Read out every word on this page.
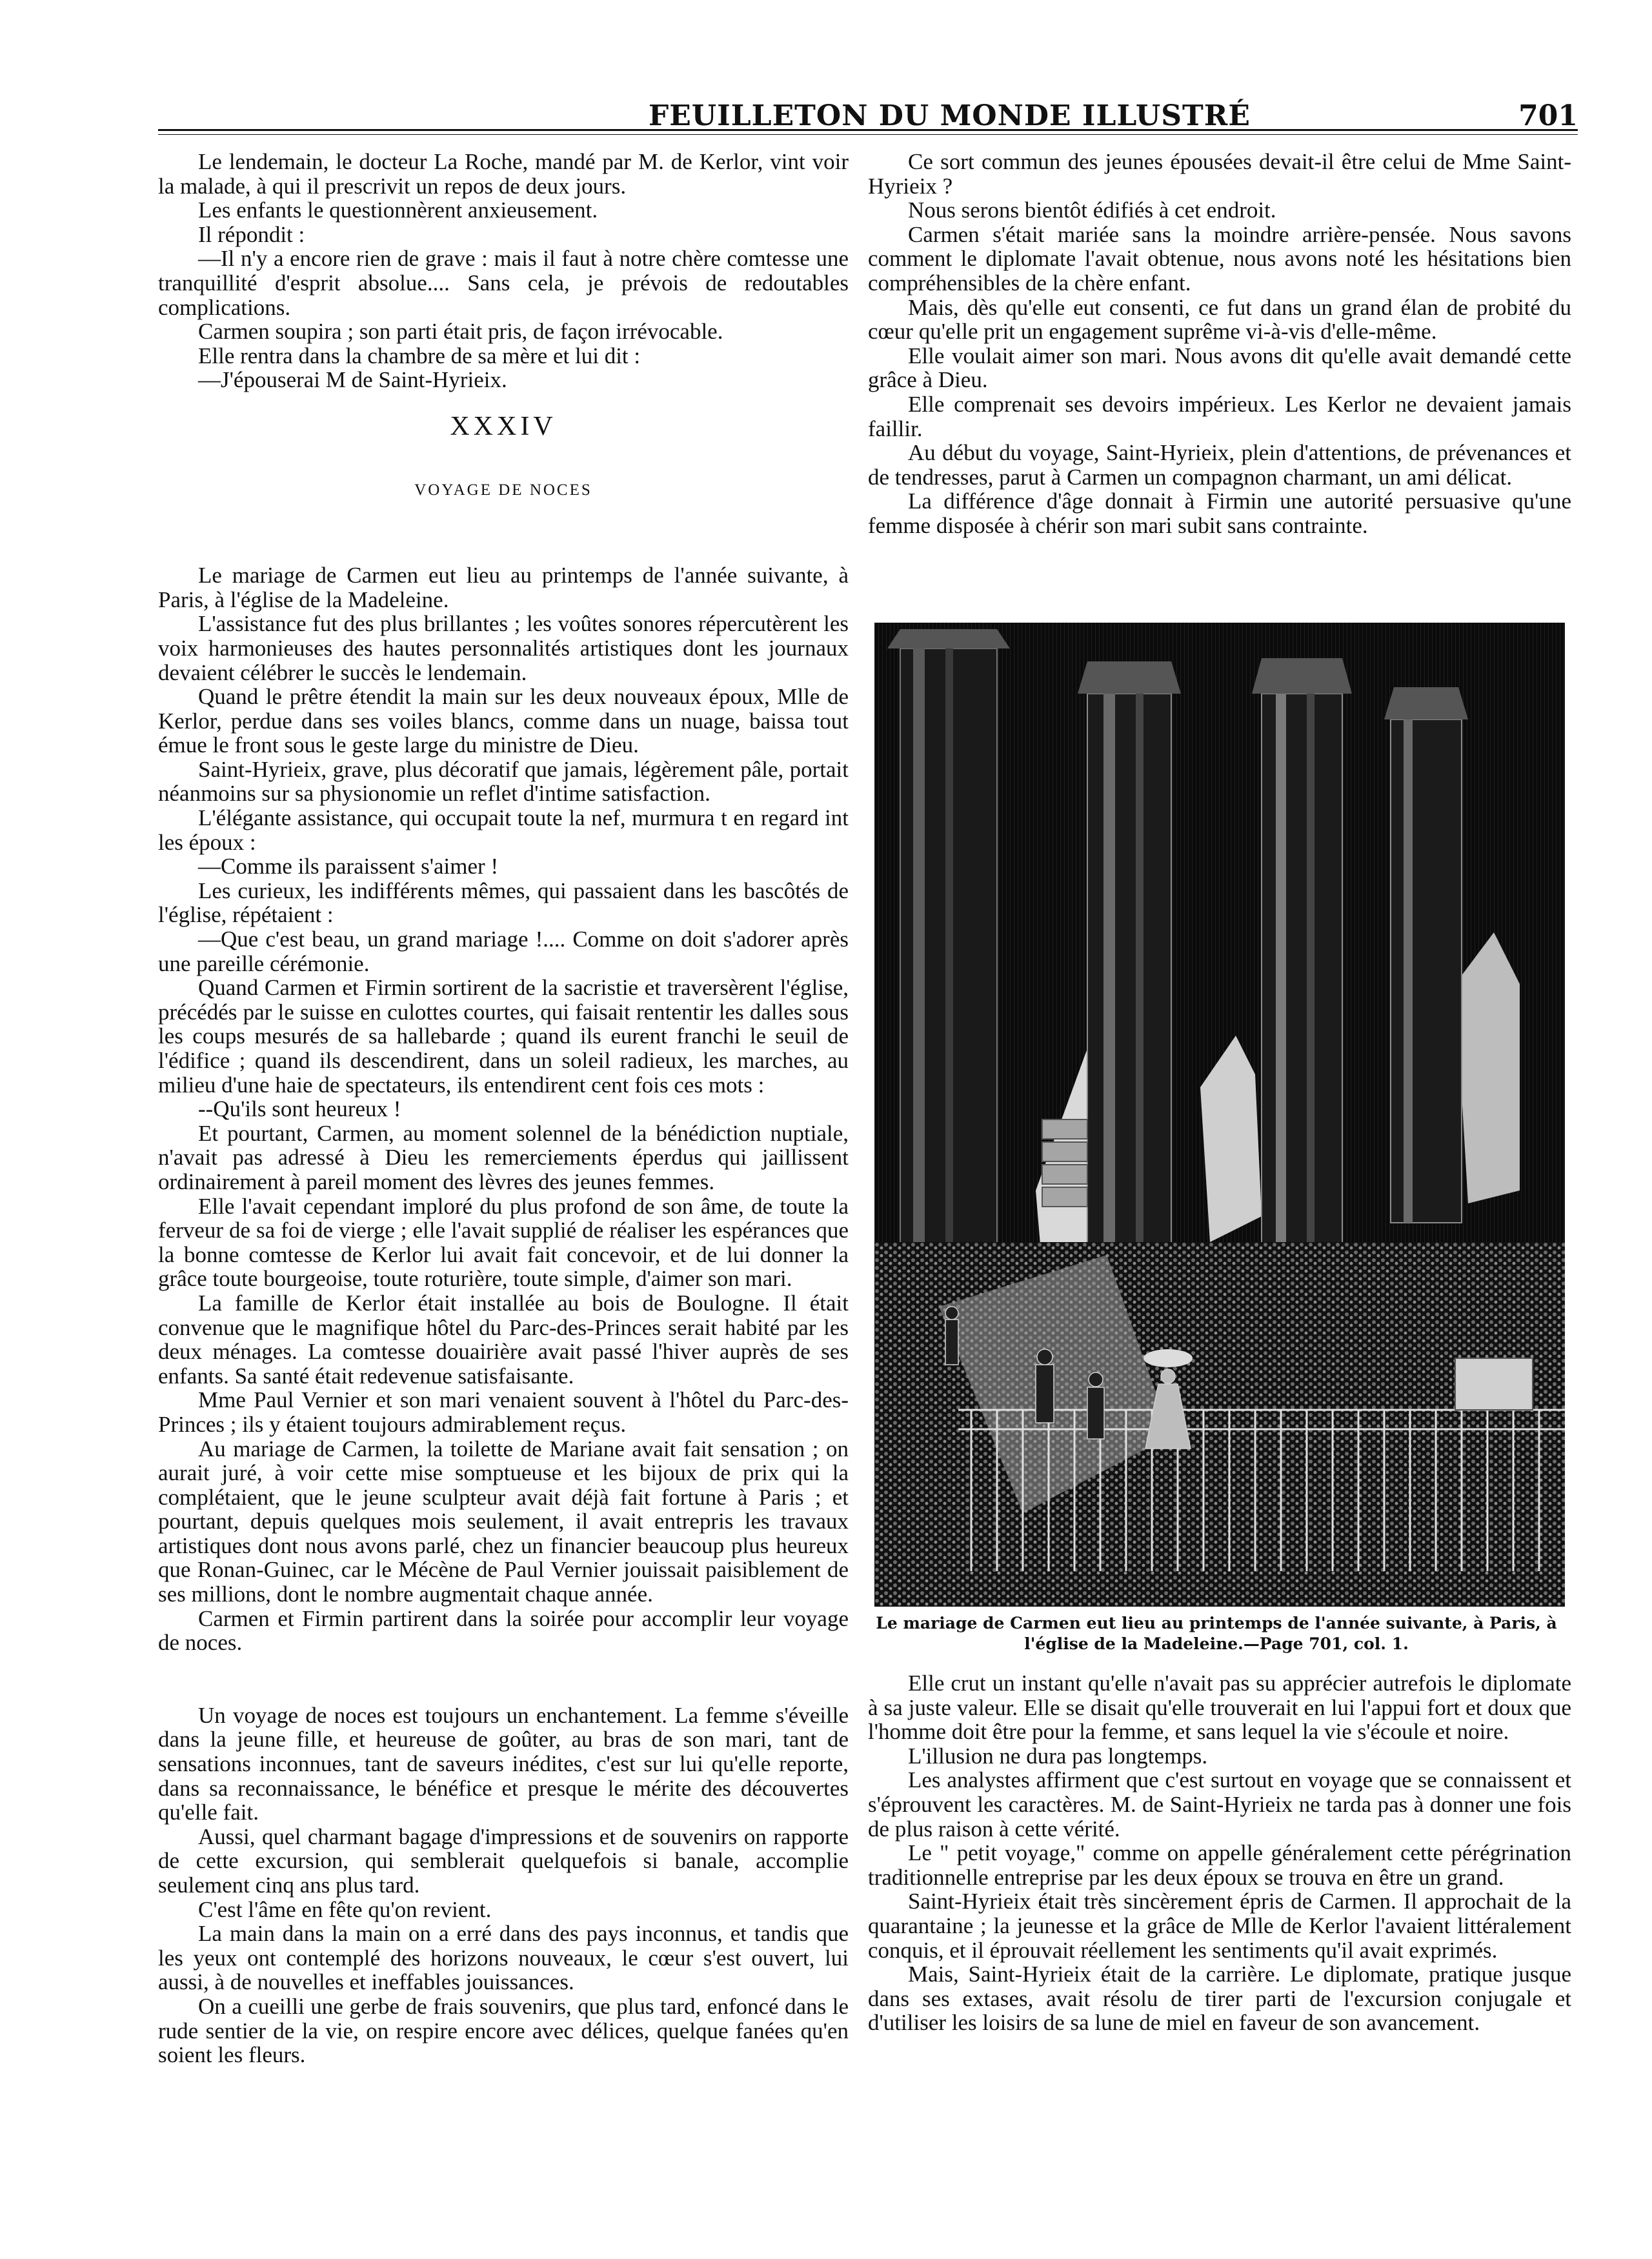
FEUILLETON DU MONDE ILLUSTRÉ	701

Le lendemain, le docteur La Roche, mandé par M. de Kerlor, vint voir la malade, à qui il prescrivit un repos de deux jours.

Les enfants le questionnèrent anxieusement.

Il répondit :

—Il n'y a encore rien de grave : mais il faut à notre chère comtesse une tranquillité d'esprit absolue.... Sans cela, je prévois de redoutables complications.

Carmen soupira ; son parti était pris, de façon irrévocable.

Elle rentra dans la chambre de sa mère et lui dit :

—J'épouserai M de Saint-Hyrieix.

XXXIV
VOYAGE DE NOCES

Le mariage de Carmen eut lieu au printemps de l'année suivante, à Paris, à l'église de la Madeleine.

L'assistance fut des plus brillantes ; les voûtes sonores répercutèrent les voix harmonieuses des hautes personnalités artistiques dont les journaux devaient célébrer le succès le lendemain.

Quand le prêtre étendit la main sur les deux nouveaux époux, Mlle de Kerlor, perdue dans ses voiles blancs, comme dans un nuage, baissa tout émue le front sous le geste large du ministre de Dieu.

Saint-Hyrieix, grave, plus décoratif que jamais, légèrement pâle, portait néanmoins sur sa physionomie un reflet d'intime satisfaction.

L'élégante assistance, qui occupait toute la nef, murmura t en regard int les époux :

—Comme ils paraissent s'aimer !

Les curieux, les indifférents mêmes, qui passaient dans les bascôtés de l'église, répétaient :

—Que c'est beau, un grand mariage !.... Comme on doit s'adorer après une pareille cérémonie.

Quand Carmen et Firmin sortirent de la sacristie et traversèrent l'église, précédés par le suisse en culottes courtes, qui faisait rententir les dalles sous les coups mesurés de sa hallebarde ; quand ils eurent franchi le seuil de l'édifice ; quand ils descendirent, dans un soleil radieux, les marches, au milieu d'une haie de spectateurs, ils entendirent cent fois ces mots :

--Qu'ils sont heureux !

Et pourtant, Carmen, au moment solennel de la bénédiction nuptiale, n'avait pas adressé à Dieu les remerciements éperdus qui jaillissent ordinairement à pareil moment des lèvres des jeunes femmes.

Elle l'avait cependant imploré du plus profond de son âme, de toute la ferveur de sa foi de vierge ; elle l'avait supplié de réaliser les espérances que la bonne comtesse de Kerlor lui avait fait concevoir, et de lui donner la grâce toute bourgeoise, toute roturière, toute simple, d'aimer son mari.

La famille de Kerlor était installée au bois de Boulogne. Il était convenue que le magnifique hôtel du Parc-des-Princes serait habité par les deux ménages. La comtesse douairière avait passé l'hiver auprès de ses enfants. Sa santé était redevenue satisfaisante.

Mme Paul Vernier et son mari venaient souvent à l'hôtel du Parc-des-Princes ; ils y étaient toujours admirablement reçus.

Au mariage de Carmen, la toilette de Mariane avait fait sensation ; on aurait juré, à voir cette mise somptueuse et les bijoux de prix qui la complétaient, que le jeune sculpteur avait déjà fait fortune à Paris ; et pourtant, depuis quelques mois seulement, il avait entrepris les travaux artistiques dont nous avons parlé, chez un financier beaucoup plus heureux que Ronan-Guinec, car le Mécène de Paul Vernier jouissait paisiblement de ses millions, dont le nombre augmentait chaque année.

Carmen et Firmin partirent dans la soirée pour accomplir leur voyage de noces.

Un voyage de noces est toujours un enchantement. La femme s'éveille dans la jeune fille, et heureuse de goûter, au bras de son mari, tant de sensations inconnues, tant de saveurs inédites, c'est sur lui qu'elle reporte, dans sa reconnaissance, le bénéfice et presque le mérite des découvertes qu'elle fait.

Aussi, quel charmant bagage d'impressions et de souvenirs on rapporte de cette excursion, qui semblerait quelquefois si banale, accomplie seulement cinq ans plus tard.

C'est l'âme en fête qu'on revient.

La main dans la main on a erré dans des pays inconnus, et tandis que les yeux ont contemplé des horizons nouveaux, le cœur s'est ouvert, lui aussi, à de nouvelles et ineffables jouissances.

On a cueilli une gerbe de frais souvenirs, que plus tard, enfoncé dans le rude sentier de la vie, on respire encore avec délices, quelque fanées qu'en soient les fleurs.

Ce sort commun des jeunes épousées devait-il être celui de Mme Saint-Hyrieix ?

Nous serons bientôt édifiés à cet endroit.

Carmen s'était mariée sans la moindre arrière-pensée. Nous savons comment le diplomate l'avait obtenue, nous avons noté les hésitations bien compréhensibles de la chère enfant.

Mais, dès qu'elle eut consenti, ce fut dans un grand élan de probité du cœur qu'elle prit un engagement suprême vi-à-vis d'elle-même.

Elle voulait aimer son mari. Nous avons dit qu'elle avait demandé cette grâce à Dieu.

Elle comprenait ses devoirs impérieux. Les Kerlor ne devaient jamais faillir.

Au début du voyage, Saint-Hyrieix, plein d'attentions, de prévenances et de tendresses, parut à Carmen un compagnon charmant, un ami délicat.

La différence d'âge donnait à Firmin une autorité persuasive qu'une femme disposée à chérir son mari subit sans contrainte.

Le mariage de Carmen eut lieu au printemps de l'année suivante, à Paris, à l'église de la Madeleine.—Page 701, col. 1.

Elle crut un instant qu'elle n'avait pas su apprécier autrefois le diplomate à sa juste valeur. Elle se disait qu'elle trouverait en lui l'appui fort et doux que l'homme doit être pour la femme, et sans lequel la vie s'écoule et noire.

L'illusion ne dura pas longtemps.

Les analystes affirment que c'est surtout en voyage que se connaissent et s'éprouvent les caractères. M. de Saint-Hyrieix ne tarda pas à donner une fois de plus raison à cette vérité.

Le " petit voyage," comme on appelle généralement cette pérégrination traditionnelle entreprise par les deux époux se trouva en être un grand.

Saint-Hyrieix était très sincèrement épris de Carmen. Il approchait de la quarantaine ; la jeunesse et la grâce de Mlle de Kerlor l'avaient littéralement conquis, et il éprouvait réellement les sentiments qu'il avait exprimés.

Mais, Saint-Hyrieix était de la carrière. Le diplomate, pratique jusque dans ses extases, avait résolu de tirer parti de l'excursion conjugale et d'utiliser les loisirs de sa lune de miel en faveur de son avancement.
